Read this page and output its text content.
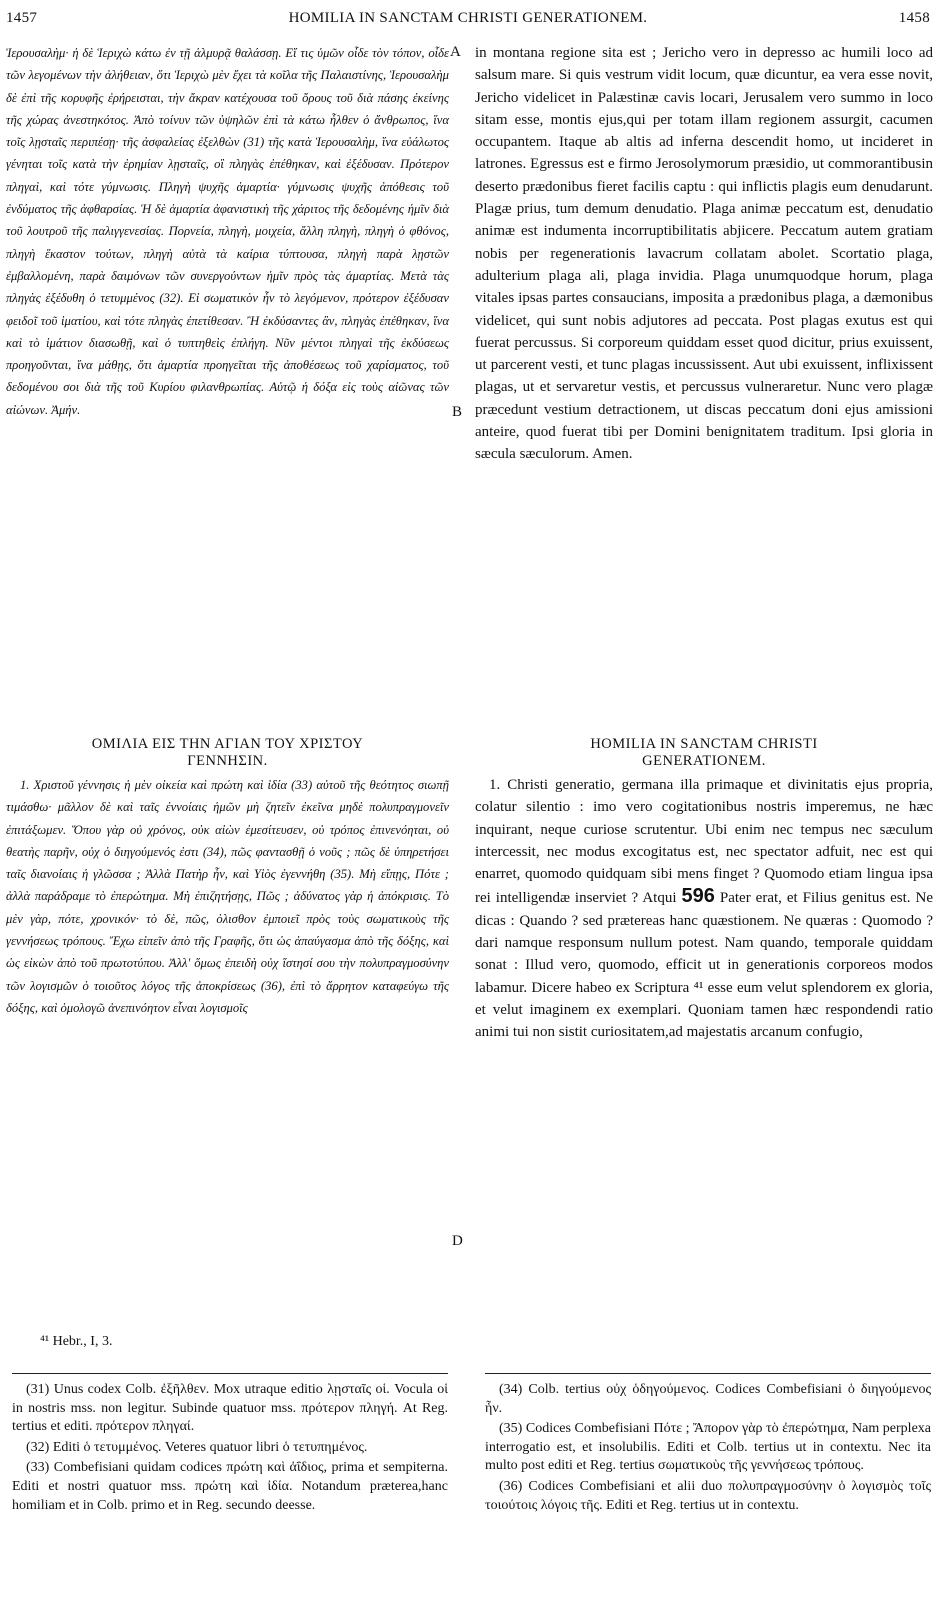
1457	HOMILIA IN SANCTAM CHRISTI GENERATIONEM.	1458
A
B
D

Ἱερουσαλὴμ· ἡ δὲ Ἱεριχὼ κάτω ἐν τῇ ἁλμυρᾷ θαλάσσῃ. Εἴ τις ὑμῶν οἶδε τὸν τόπον, οἶδε τῶν λεγομένων τὴν ἀλήθειαν, ὅτι Ἱεριχὼ μὲν ἔχει τὰ κοῖλα τῆς Παλαιστίνης, Ἱερουσαλὴμ δὲ ἐπὶ τῆς κορυφῆς ἐρήρεισται, τὴν ἄκραν κατέχουσα τοῦ ὄρους τοῦ διὰ πάσης ἐκείνης τῆς χώρας ἀνεστηκότος. Ἀπὸ τοίνυν τῶν ὑψηλῶν ἐπὶ τὰ κάτω ἦλθεν ὁ ἄνθρωπος, ἵνα τοῖς λῃσταῖς περιπέσῃ· τῆς ἀσφαλείας ἐξελθὼν (31) τῆς κατὰ Ἱερουσαλὴμ, ἵνα εὐάλωτος γένηται τοῖς κατὰ τὴν ἐρημίαν λῃσταῖς, οἳ πληγὰς ἐπέθηκαν, καὶ ἐξέδυσαν. Πρότερον πληγαὶ, καὶ τότε γύμνωσις. Πληγὴ ψυχῆς ἁμαρτία· γύμνωσις ψυχῆς ἀπόθεσις τοῦ ἐνδύματος τῆς ἀφθαρσίας. Ἡ δὲ ἁμαρτία ἀφανιστικὴ τῆς χάριτος τῆς δεδομένης ἡμῖν διὰ τοῦ λουτροῦ τῆς παλιγγενεσίας. Πορνεία, πληγὴ, μοιχεία, ἄλλη πληγὴ, πληγὴ ὁ φθόνος, πληγὴ ἕκαστον τούτων, πληγὴ αὐτὰ τὰ καίρια τύπτουσα, πληγὴ παρὰ λῃστῶν ἐμβαλλομένη, παρὰ δαιμόνων τῶν συνεργούντων ἡμῖν πρὸς τὰς ἁμαρτίας. Μετὰ τὰς πληγὰς ἐξέδυθη ὁ τετυμμένος (32). Εἰ σωματικὸν ἦν τὸ λεγόμενον, πρότερον ἐξέδυσαν φειδοῖ τοῦ ἱματίου, καὶ τότε πληγὰς ἐπετίθεσαν. Ἢ ἐκδύσαντες ἂν, πληγὰς ἐπέθηκαν, ἵνα καὶ τὸ ἱμάτιον διασωθῇ, καὶ ὁ τυπτηθεὶς ἐπλήγη. Νῦν μέντοι πληγαὶ τῆς ἐκδύσεως προηγοῦνται, ἵνα μάθῃς, ὅτι ἁμαρτία προηγεῖται τῆς ἀποθέσεως τοῦ χαρίσματος, τοῦ δεδομένου σοι διὰ τῆς τοῦ Κυρίου φιλανθρωπίας. Αὐτῷ ἡ δόξα εἰς τοὺς αἰῶνας τῶν αἰώνων. Ἀμήν.

in montana regione sita est ; Jericho vero in depresso ac humili loco ad salsum mare. Si quis vestrum vidit locum, quæ dicuntur, ea vera esse novit, Jericho videlicet in Palæstinæ cavis locari, Jerusalem vero summo in loco sitam esse, montis ejus,qui per totam illam regionem assurgit, cacumen occupantem. Itaque ab altis ad inferna descendit homo, ut incideret in latrones. Egressus est e firmo Jerosolymorum præsidio, ut commorantibusin deserto prædonibus fieret facilis captu : qui inflictis plagis eum denudarunt. Plagæ prius, tum demum denudatio. Plaga animæ peccatum est, denudatio animæ est indumenta incorruptibilitatis abjicere. Peccatum autem gratiam nobis per regenerationis lavacrum collatam abolet. Scortatio plaga, adulterium plaga ali, plaga invidia. Plaga unumquodque horum, plaga vitales ipsas partes consaucians, imposita a prædonibus plaga, a dæmonibus videlicet, qui sunt nobis adjutores ad peccata. Post plagas exutus est qui fuerat percussus. Si corporeum quiddam esset quod dicitur, prius exuissent, ut parcerent vesti, et tunc plagas incussissent. Aut ubi exuissent, inflixissent plagas, ut et servaretur vestis, et percussus vulneraretur. Nunc vero plagæ præcedunt vestium detractionem, ut discas peccatum doni ejus amissioni anteire, quod fuerat tibi per Domini benignitatem traditum. Ipsi gloria in sæcula sæculorum. Amen.

ΟΜΙΛΙΑ ΕΙΣ ΤΗΝ ΑΓΙΑΝ ΤΟΥ ΧΡΙΣΤΟΥ
ΓΕΝΝΗΣΙΝ.
HOMILIA IN SANCTAM CHRISTI
GENERATIONEM.

1. Χριστοῦ γέννησις ἡ μὲν οἰκεία καὶ πρώτη καὶ ἰδία (33) αὐτοῦ τῆς θεότητος σιωπῇ τιμάσθω· μᾶλλον δὲ καὶ ταῖς ἐννοίαις ἡμῶν μὴ ζητεῖν ἐκεῖνα μηδὲ πολυπραγμονεῖν ἐπιτάξωμεν. Ὅπου γὰρ οὐ χρόνος, οὐκ αἰὼν ἐμεσίτευσεν, οὐ τρόπος ἐπινενόηται, οὐ θεατὴς παρῆν, οὐχ ὁ διηγούμενός ἐστι (34), πῶς φαντασθῇ ὁ νοῦς ; πῶς δὲ ὑπηρετήσει ταῖς διανοίαις ἡ γλῶσσα ; Ἀλλὰ Πατὴρ ἦν, καὶ Υἱὸς ἐγεννήθη (35). Μὴ εἴπῃς, Πότε ; ἀλλὰ παράδραμε τὸ ἐπερώτημα. Μὴ ἐπιζητήσῃς, Πῶς ; ἀδύνατος γὰρ ἡ ἀπόκρισις. Τὸ μὲν γὰρ, πότε, χρονικόν· τὸ δὲ, πῶς, ὀλισθον ἐμποιεῖ πρὸς τοὺς σωματικοὺς τῆς γεννήσεως τρόπους. Ἔχω εἰπεῖν ἀπὸ τῆς Γραφῆς, ὅτι ὡς ἀπαύγασμα ἀπὸ τῆς δόξης, καὶ ὡς εἰκὼν ἀπὸ τοῦ πρωτοτύπου. Ἀλλ' ὅμως ἐπειδὴ οὐχ ἵστησί σου τὴν πολυπραγμοσύνην τῶν λογισμῶν ὁ τοιοῦτος λόγος τῆς ἀποκρίσεως (36), ἐπὶ τὸ ἄρρητον καταφεύγω τῆς δόξης, καὶ ὁμολογῶ ἀνεπινόητον εἶναι λογισμοῖς

1. Christi generatio, germana illa primaque et divinitatis ejus propria, colatur silentio : imo vero cogitationibus nostris imperemus, ne hæc inquirant, neque curiose scrutentur. Ubi enim nec tempus nec sæculum intercessit, nec modus excogitatus est, nec spectator adfuit, nec est qui enarret, quomodo quidquam sibi mens finget ? Quomodo etiam lingua ipsa rei intelligendæ inserviet ? Atqui 596 Pater erat, et Filius genitus est. Ne dicas : Quando ? sed prætereas hanc quæstionem. Ne quæras : Quomodo ? dari namque responsum nullum potest. Nam quando, temporale quiddam sonat : Illud vero, quomodo, efficit ut in generationis corporeos modos labamur. Dicere habeo ex Scriptura ⁴¹ esse eum velut splendorem ex gloria, et velut imaginem ex exemplari. Quoniam tamen hæc respondendi ratio animi tui non sistit curiositatem,ad majestatis arcanum confugio,

⁴¹ Hebr., I, 3.

(31) Unus codex Colb. ἐξῆλθεν. Mox utraque editio λῃσταῖς οἱ. Vocula οἱ in nostris mss. non legitur. Subinde quatuor mss. πρότερον πληγή. At Reg. tertius et editi. πρότερον πληγαί.

(32) Editi ὁ τετυμμένος. Veteres quatuor libri ὁ τετυπημένος.

(33) Combefisiani quidam codices πρώτη καὶ ἀΐδιος, prima et sempiterna. Editi et nostri quatuor mss. πρώτη καὶ ἰδία. Notandum præterea,hanc homiliam et in Colb. primo et in Reg. secundo deesse.

(34) Colb. tertius οὐχ ὁδηγούμενος. Codices Combefisiani ὁ διηγούμενος ἦν.

(35) Codices Combefisiani Πότε ; Ἄπορον γὰρ τὸ ἐπερώτημα, Nam perplexa interrogatio est, et insolubilis. Editi et Colb. tertius ut in contextu. Nec ita multo post editi et Reg. tertius σωματικοὺς τῆς γεννήσεως τρόπους.

(36) Codices Combefisiani et alii duo πολυπραγμοσύνην ὁ λογισμὸς τοῖς τοιούτοις λόγοις τῆς. Editi et Reg. tertius ut in contextu.
